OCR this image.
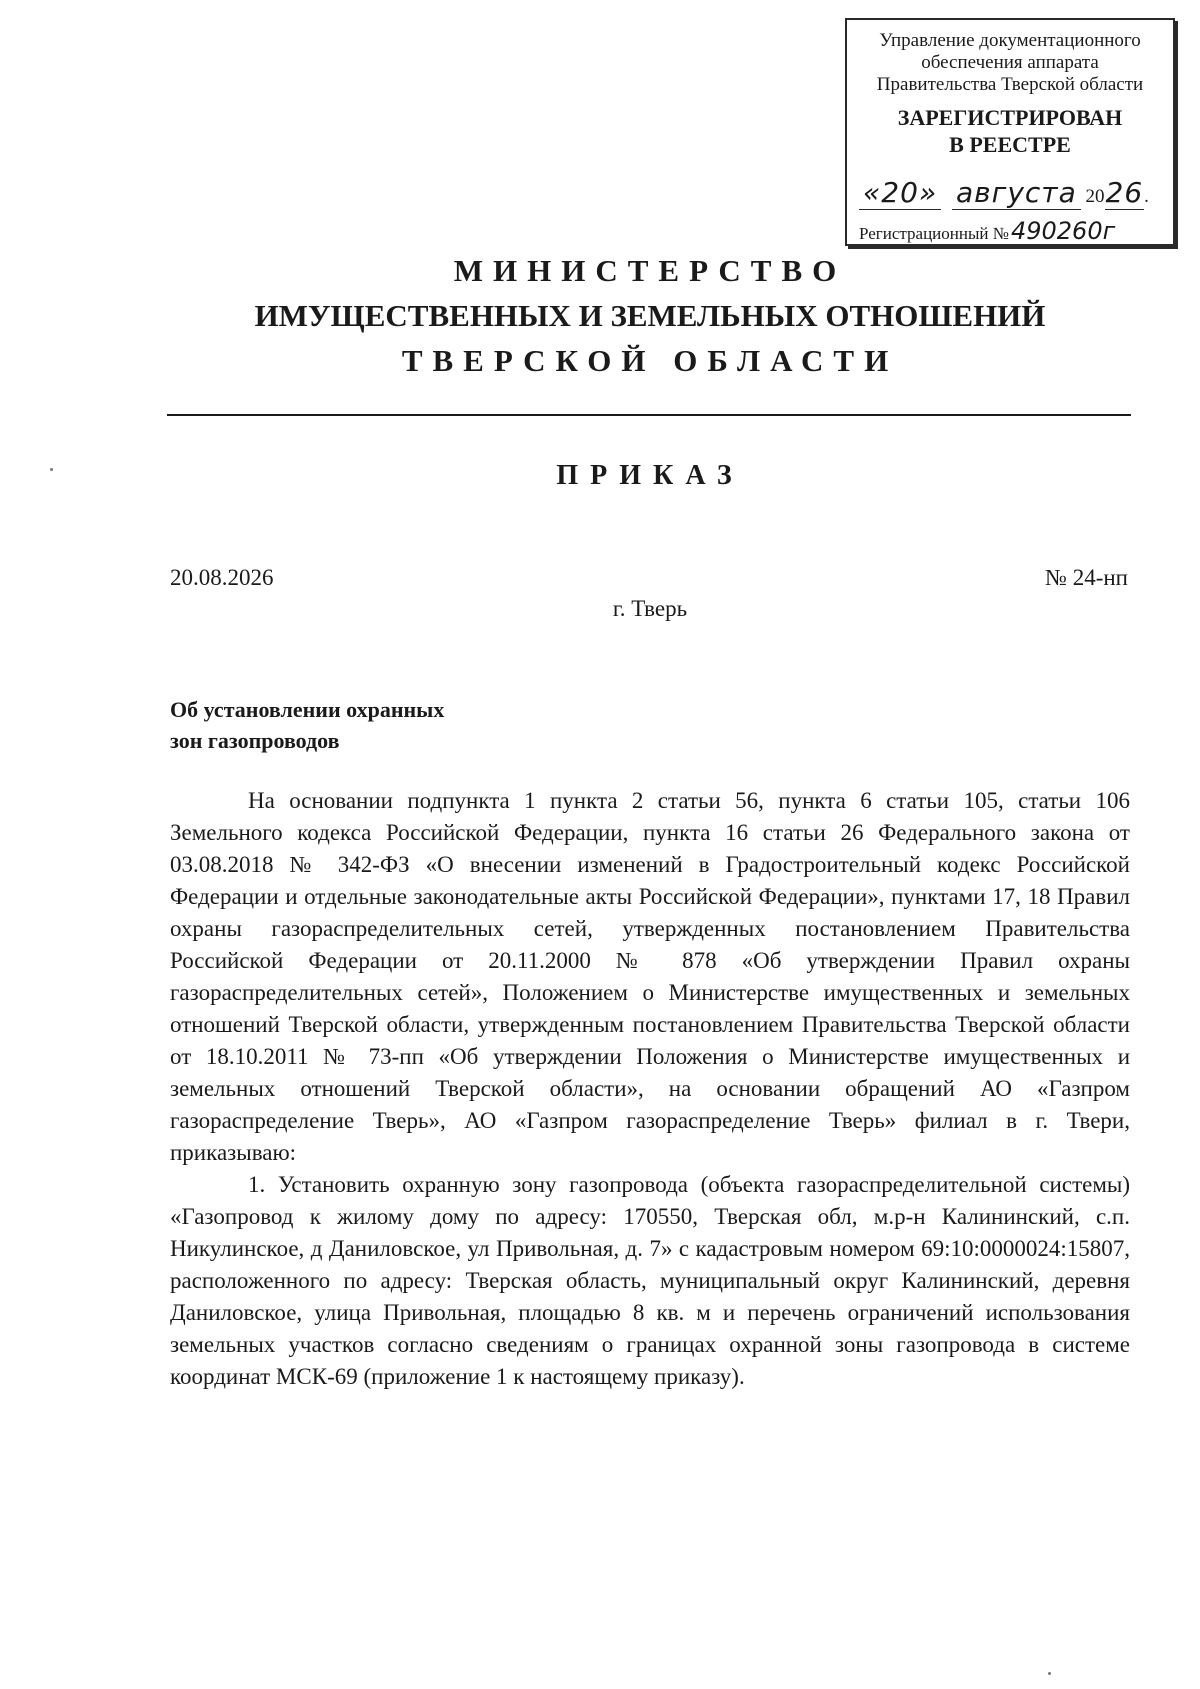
Управление документационного
обеспечения аппарата
Правительства Тверской области
ЗАРЕГИСТРИРОВАН
В РЕЕСТРЕ
«20» августа 2026.
Регистрационный №490260г
МИНИСТЕРСТВО
ИМУЩЕСТВЕННЫХ И ЗЕМЕЛЬНЫХ ОТНОШЕНИЙ
ТВЕРСКОЙ ОБЛАСТИ
ПРИКАЗ
20.08.2026	№ 24-нп
г. Тверь
Об установлении охранных
зон газопроводов

На основании подпункта 1 пункта 2 статьи 56, пункта 6 статьи 105, статьи 106 Земельного кодекса Российской Федерации, пункта 16 статьи 26 Федерального закона от 03.08.2018 № 342-ФЗ «О внесении изменений в Градостроительный кодекс Российской Федерации и отдельные законодательные акты Российской Федерации», пунктами 17, 18 Правил охраны газораспределительных сетей, утвержденных постановлением Правительства Российской Федерации от 20.11.2000 № 878 «Об утверждении Правил охраны газораспределительных сетей», Положением о Министерстве имущественных и земельных отношений Тверской области, утвержденным постановлением Правительства Тверской области от 18.10.2011 № 73-пп «Об утверждении Положения о Министерстве имущественных и земельных отношений Тверской области», на основании обращений АО «Газпром газораспределение Тверь», АО «Газпром газораспределение Тверь» филиал в г. Твери, приказываю:

1. Установить охранную зону газопровода (объекта газораспределительной системы) «Газопровод к жилому дому по адресу: 170550, Тверская обл, м.р-н Калининский, с.п. Никулинское, д Даниловское, ул Привольная, д. 7» с кадастровым номером 69:10:0000024:15807, расположенного по адресу: Тверская область, муниципальный округ Калининский, деревня Даниловское, улица Привольная, площадью 8 кв. м и перечень ограничений использования земельных участков согласно сведениям о границах охранной зоны газопровода в системе координат МСК-69 (приложение 1 к настоящему приказу).
